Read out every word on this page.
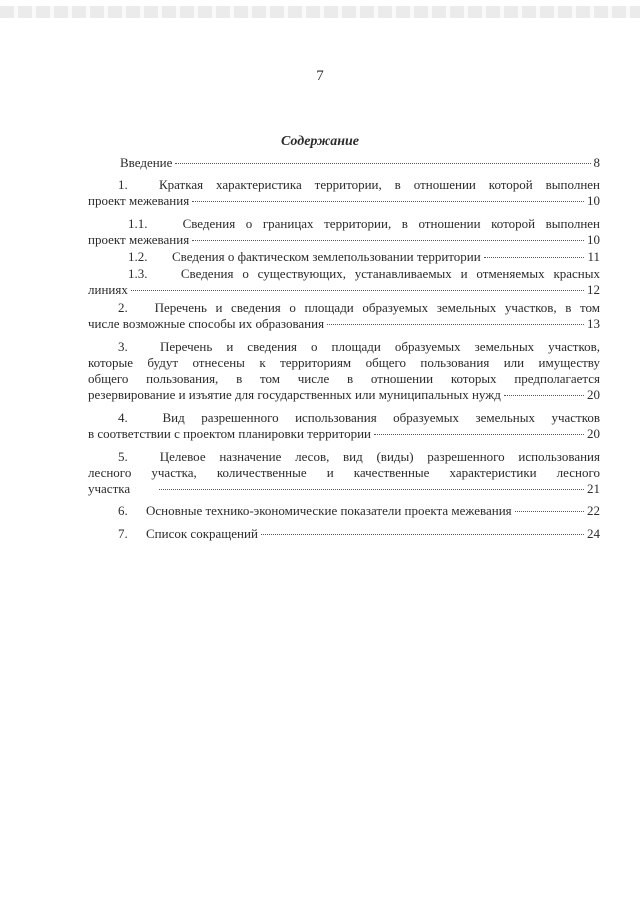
7
Содержание
Введение	8
1. Краткая характеристика территории, в отношении которой выполнен
проект межевания	10
1.1.	Сведения о границах территории, в отношении которой выполнен
проект межевания	10
1.2.	Сведения о фактическом землепользовании территории	11
1.3.	Сведения о существующих, устанавливаемых и отменяемых красных
линиях	12
2. Перечень и сведения о площади образуемых земельных участков, в том
числе возможные способы их образования	13
3. Перечень и сведения о площади образуемых земельных участков,
которые будут отнесены к территориям общего пользования или имуществу
общего пользования, в том числе в отношении которых предполагается
резервирование и изъятие для государственных или муниципальных нужд	20
4.	Вид разрешенного использования образуемых земельных участков
в соответствии с проектом планировки территории	20
5. Целевое назначение лесов, вид (виды) разрешенного использования
лесного участка, количественные и качественные характеристики лесного
участка	21
6.	Основные технико-экономические показатели проекта межевания	22
7.	Список сокращений	24
